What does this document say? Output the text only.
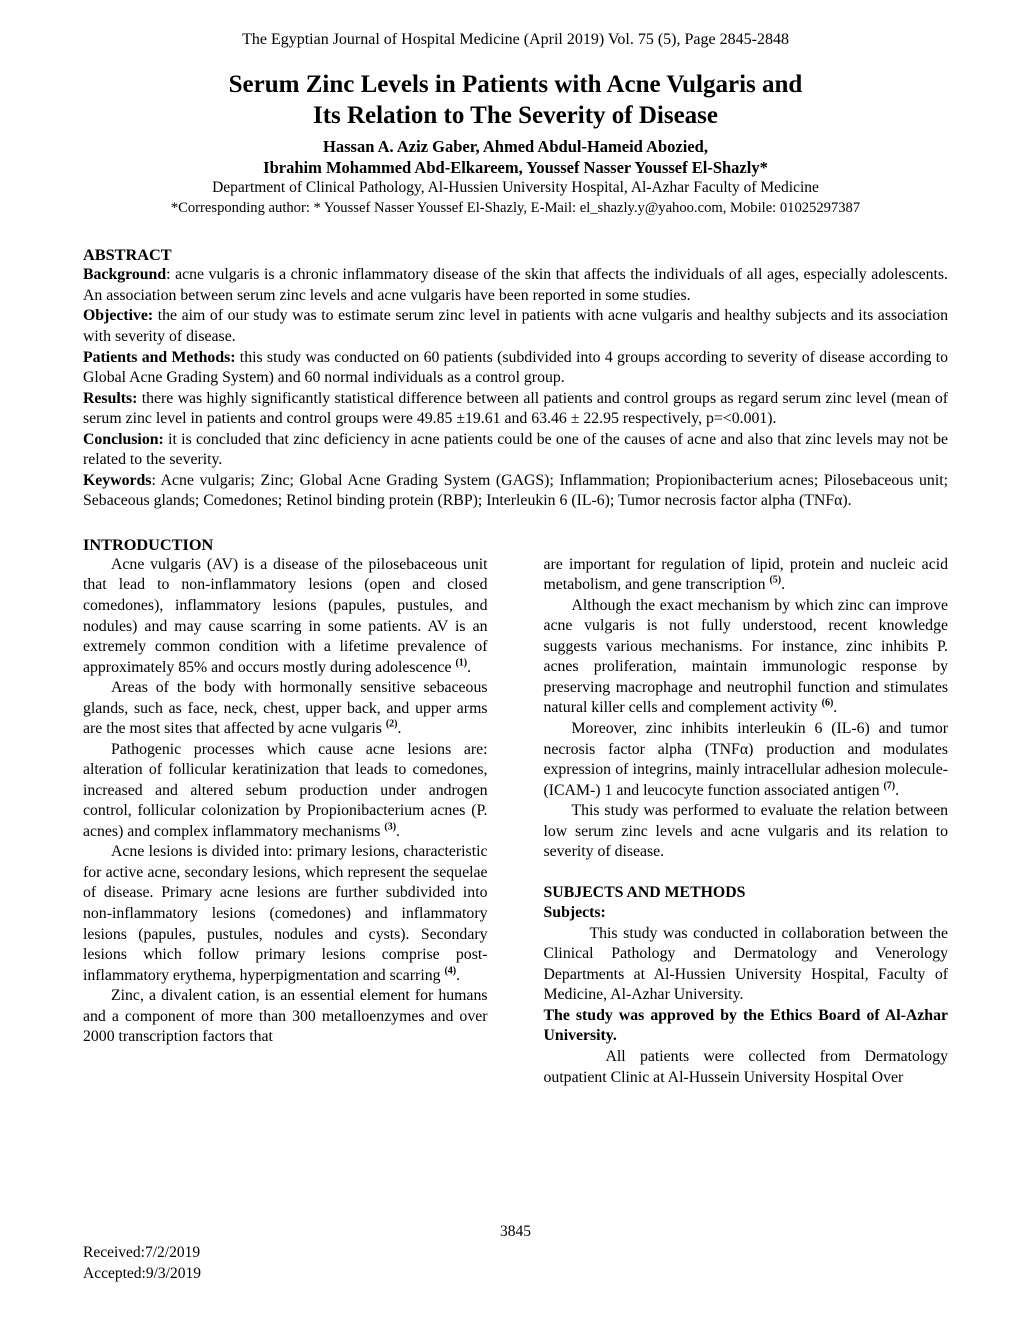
The Egyptian Journal of Hospital Medicine (April 2019) Vol. 75 (5), Page 2845-2848
Serum Zinc Levels in Patients with Acne Vulgaris and
Its Relation to The Severity of Disease
Hassan A. Aziz Gaber, Ahmed Abdul-Hameid Abozied,
Ibrahim Mohammed Abd-Elkareem, Youssef Nasser Youssef El-Shazly*
Department of Clinical Pathology, Al-Hussien University Hospital, Al-Azhar Faculty of Medicine
*Corresponding author: * Youssef Nasser Youssef El-Shazly, E-Mail: el_shazly.y@yahoo.com, Mobile: 01025297387
ABSTRACT

Background: acne vulgaris is a chronic inflammatory disease of the skin that affects the individuals of all ages, especially adolescents. An association between serum zinc levels and acne vulgaris have been reported in some studies.

Objective: the aim of our study was to estimate serum zinc level in patients with acne vulgaris and healthy subjects and its association with severity of disease.

Patients and Methods: this study was conducted on 60 patients (subdivided into 4 groups according to severity of disease according to Global Acne Grading System) and 60 normal individuals as a control group.

Results: there was highly significantly statistical difference between all patients and control groups as regard serum zinc level (mean of serum zinc level in patients and control groups were 49.85 ±19.61 and 63.46 ± 22.95 respectively, p=<0.001).

Conclusion: it is concluded that zinc deficiency in acne patients could be one of the causes of acne and also that zinc levels may not be related to the severity.

Keywords: Acne vulgaris; Zinc; Global Acne Grading System (GAGS); Inflammation; Propionibacterium acnes; Pilosebaceous unit; Sebaceous glands; Comedones; Retinol binding protein (RBP); Interleukin 6 (IL-6); Tumor necrosis factor alpha (TNFα).

INTRODUCTION

Acne vulgaris (AV) is a disease of the pilosebaceous unit that lead to non-inflammatory lesions (open and closed comedones), inflammatory lesions (papules, pustules, and nodules) and may cause scarring in some patients. AV is an extremely common condition with a lifetime prevalence of approximately 85% and occurs mostly during adolescence $^{(1)}$.

Areas of the body with hormonally sensitive sebaceous glands, such as face, neck, chest, upper back, and upper arms are the most sites that affected by acne vulgaris $^{(2)}$.

Pathogenic processes which cause acne lesions are: alteration of follicular keratinization that leads to comedones, increased and altered sebum production under androgen control, follicular colonization by Propionibacterium acnes (P. acnes) and complex inflammatory mechanisms $^{(3)}$.

Acne lesions is divided into: primary lesions, characteristic for active acne, secondary lesions, which represent the sequelae of disease. Primary acne lesions are further subdivided into non-inflammatory lesions (comedones) and inflammatory lesions (papules, pustules, nodules and cysts). Secondary lesions which follow primary lesions comprise post-inflammatory erythema, hyperpigmentation and scarring $^{(4)}$.

Zinc, a divalent cation, is an essential element for humans and a component of more than 300 metalloenzymes and over 2000 transcription factors that

are important for regulation of lipid, protein and nucleic acid metabolism, and gene transcription $^{(5)}$.

Although the exact mechanism by which zinc can improve acne vulgaris is not fully understood, recent knowledge suggests various mechanisms. For instance, zinc inhibits P. acnes proliferation, maintain immunologic response by preserving macrophage and neutrophil function and stimulates natural killer cells and complement activity $^{(6)}$.

Moreover, zinc inhibits interleukin 6 (IL-6) and tumor necrosis factor alpha (TNFα) production and modulates expression of integrins, mainly intracellular adhesion molecule- (ICAM-) 1 and leucocyte function associated antigen $^{(7)}$.

This study was performed to evaluate the relation between low serum zinc levels and acne vulgaris and its relation to severity of disease.

SUBJECTS AND METHODS

Subjects:

This study was conducted in collaboration between the Clinical Pathology and Dermatology and Venerology Departments at Al-Hussien University Hospital, Faculty of Medicine, Al-Azhar University.

The study was approved by the Ethics Board of Al-Azhar University.

All patients were collected from Dermatology outpatient Clinic at Al-Hussein University Hospital Over

3845
Received:7/2/2019
Accepted:9/3/2019
